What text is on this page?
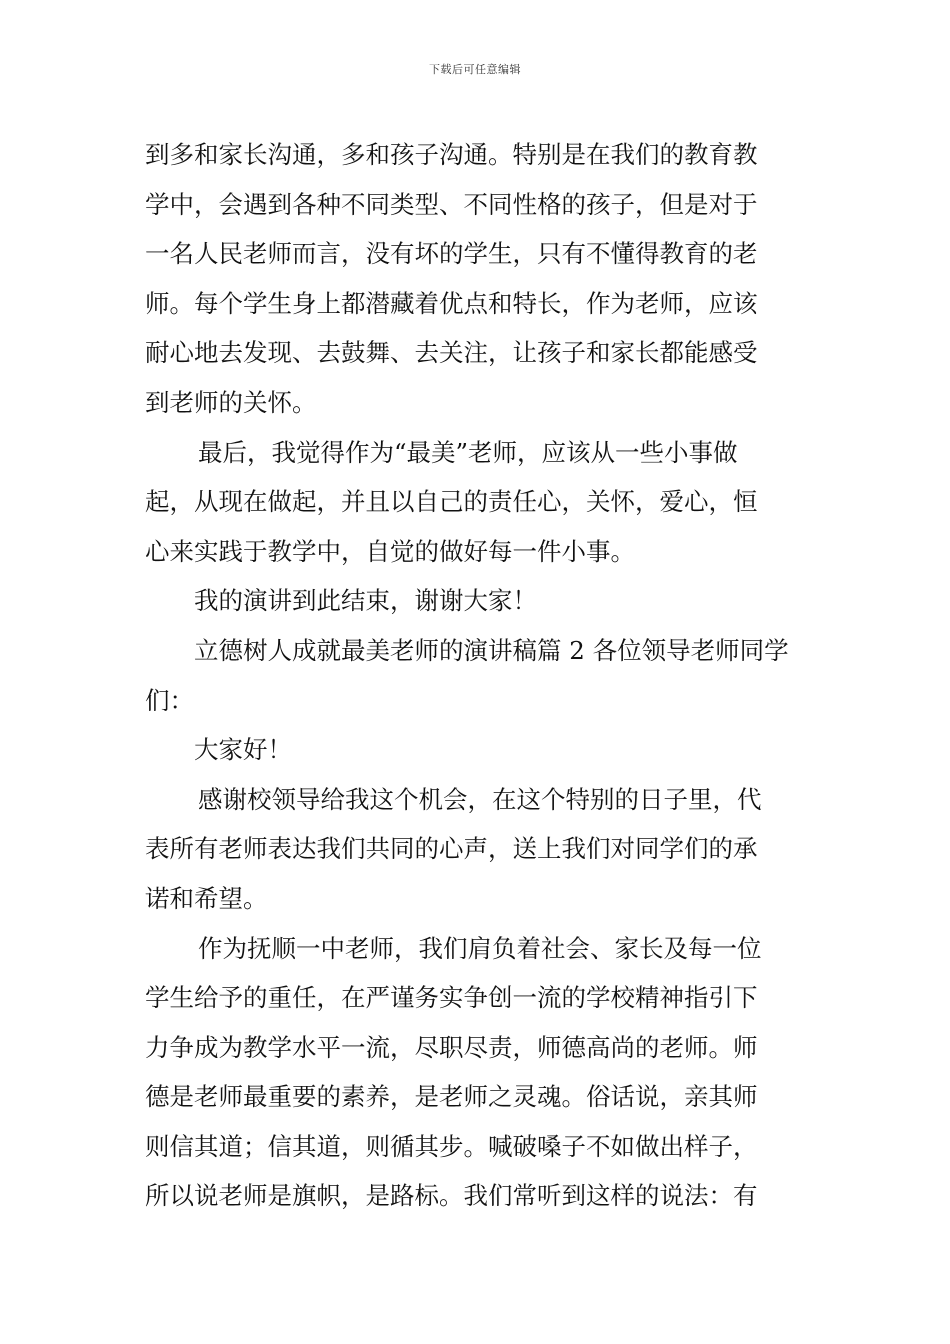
下载后可任意编辑
到多和家长沟通，多和孩子沟通。特别是在我们的教育教
学中，会遇到各种不同类型、不同性格的孩子，但是对于
一名人民老师而言，没有坏的学生，只有不懂得教育的老
师。每个学生身上都潜藏着优点和特长，作为老师，应该
耐心地去发现、去鼓舞、去关注，让孩子和家长都能感受
到老师的关怀。
最后，我觉得作为“最美”老师，应该从一些小事做
起，从现在做起，并且以自己的责任心，关怀，爱心，恒
心来实践于教学中，自觉的做好每一件小事。
我的演讲到此结束，谢谢大家！
立德树人成就最美老师的演讲稿篇 2 各位领导老师同学
们：
大家好！
感谢校领导给我这个机会，在这个特别的日子里，代
表所有老师表达我们共同的心声，送上我们对同学们的承
诺和希望。
作为抚顺一中老师，我们肩负着社会、家长及每一位
学生给予的重任，在严谨务实争创一流的学校精神指引下
力争成为教学水平一流，尽职尽责，师德高尚的老师。师
德是老师最重要的素养，是老师之灵魂。俗话说，亲其师
则信其道；信其道，则循其步。喊破嗓子不如做出样子，
所以说老师是旗帜，是路标。我们常听到这样的说法：有
